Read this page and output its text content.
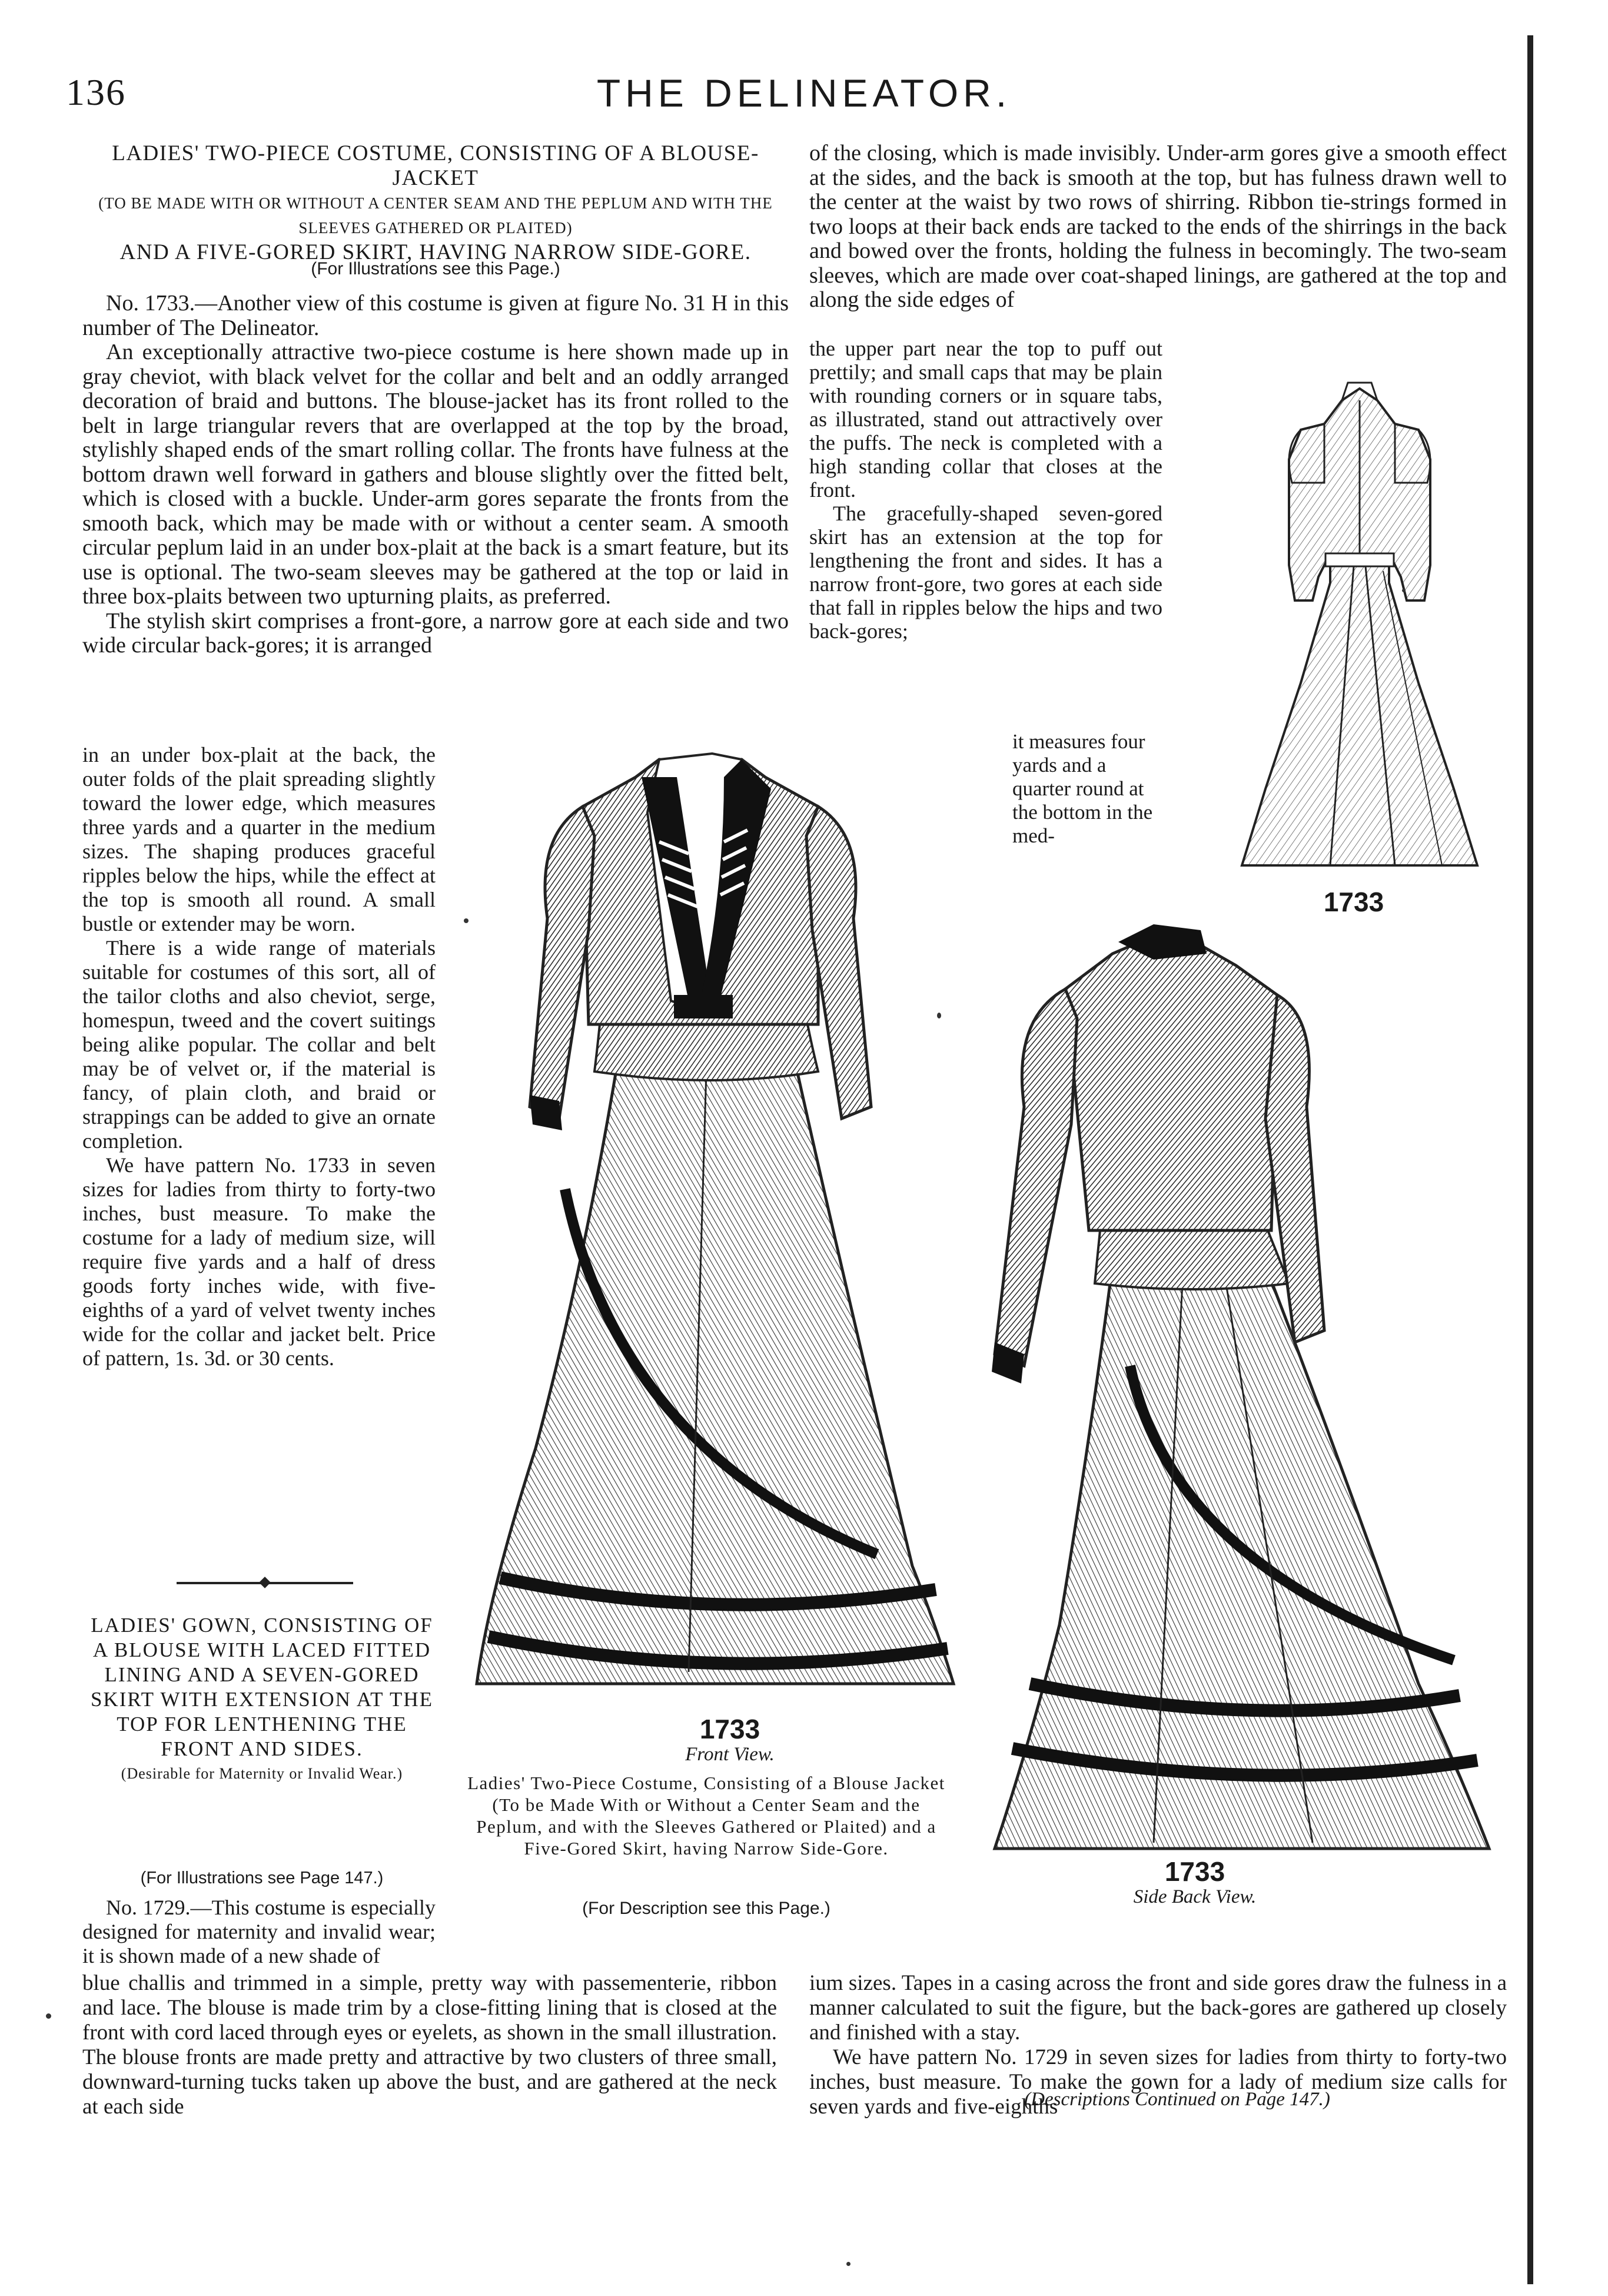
136	THE DELINEATOR.
LADIES' TWO-PIECE COSTUME, CONSISTING OF A BLOUSE-JACKET
(TO BE MADE WITH OR WITHOUT A CENTER SEAM AND THE PEPLUM AND WITH THE SLEEVES GATHERED OR PLAITED)
AND A FIVE-GORED SKIRT, HAVING NARROW SIDE-GORE.
(For Illustrations see this Page.)

No. 1733.—Another view of this costume is given at figure No. 31 H in this number of The Delineator.

An exceptionally attractive two-piece costume is here shown made up in gray cheviot, with black velvet for the collar and belt and an oddly arranged decoration of braid and buttons. The blouse-jacket has its front rolled to the belt in large triangular revers that are overlapped at the top by the broad, stylishly shaped ends of the smart rolling collar. The fronts have fulness at the bottom drawn well forward in gathers and blouse slightly over the fitted belt, which is closed with a buckle. Under-arm gores separate the fronts from the smooth back, which may be made with or without a center seam. A smooth circular peplum laid in an under box-plait at the back is a smart feature, but its use is optional. The two-seam sleeves may be gathered at the top or laid in three box-plaits between two upturning plaits, as preferred.

The stylish skirt comprises a front-gore, a narrow gore at each side and two wide circular back-gores; it is arranged

in an under box-plait at the back, the outer folds of the plait spreading slightly toward the lower edge, which measures three yards and a quarter in the medium sizes. The shaping produces graceful ripples below the hips, while the effect at the top is smooth all round. A small bustle or extender may be worn.

There is a wide range of materials suitable for costumes of this sort, all of the tailor cloths and also cheviot, serge, homespun, tweed and the covert suitings being alike popular. The collar and belt may be of velvet or, if the material is fancy, of plain cloth, and braid or strappings can be added to give an ornate completion.

We have pattern No. 1733 in seven sizes for ladies from thirty to forty-two inches, bust measure. To make the costume for a lady of medium size, will require five yards and a half of dress goods forty inches wide, with five-eighths of a yard of velvet twenty inches wide for the collar and jacket belt. Price of pattern, 1s. 3d. or 30 cents.

LADIES' GOWN, CONSISTING OF A BLOUSE WITH LACED FITTED LINING AND A SEVEN-GORED SKIRT WITH EXTENSION AT THE TOP FOR LENTHENING THE FRONT AND SIDES.
(Desirable for Maternity or Invalid Wear.)
(For Illustrations see Page 147.)

No. 1729.—This costume is especially designed for maternity and invalid wear; it is shown made of a new shade of

blue challis and trimmed in a simple, pretty way with passementerie, ribbon and lace. The blouse is made trim by a close-fitting lining that is closed at the front with cord laced through eyes or eyelets, as shown in the small illustration. The blouse fronts are made pretty and attractive by two clusters of three small, downward-turning tucks taken up above the bust, and are gathered at the neck at each side

of the closing, which is made invisibly. Under-arm gores give a smooth effect at the sides, and the back is smooth at the top, but has fulness drawn well to the center at the waist by two rows of shirring. Ribbon tie-strings formed in two loops at their back ends are tacked to the ends of the shirrings in the back and bowed over the fronts, holding the fulness in becomingly. The two-seam sleeves, which are made over coat-shaped linings, are gathered at the top and along the side edges of

the upper part near the top to puff out prettily; and small caps that may be plain with rounding corners or in square tabs, as illustrated, stand out attractively over the puffs. The neck is completed with a high standing collar that closes at the front.

The gracefully-shaped seven-gored skirt has an extension at the top for lengthening the front and sides. It has a narrow front-gore, two gores at each side that fall in ripples below the hips and two back-gores;

it measures four yards and a quarter round at the bottom in the med-

ium sizes. Tapes in a casing across the front and side gores draw the fulness in a manner calculated to suit the figure, but the back-gores are gathered up closely and finished with a stay.

We have pattern No. 1729 in seven sizes for ladies from thirty to forty-two inches, bust measure. To make the gown for a lady of medium size calls for seven yards and five-eighths

(Descriptions Continued on Page 147.)
1733
1733
Front View.
Ladies' Two-Piece Costume, Consisting of a Blouse Jacket (To be Made With or Without a Center Seam and the Peplum, and with the Sleeves Gathered or Plaited) and a Five-Gored Skirt, having Narrow Side-Gore.
(For Description see this Page.)
1733
Side Back View.
